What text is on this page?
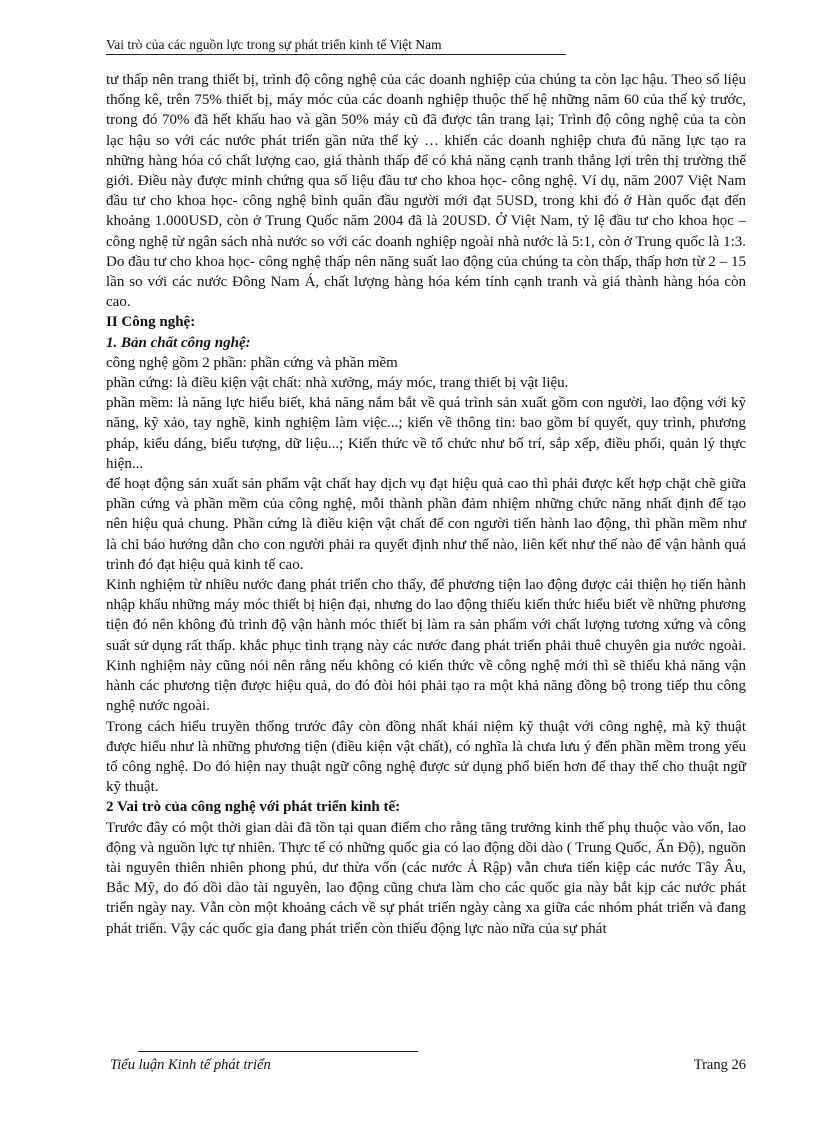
Vai trò của các nguồn lực trong sự phát triển kinh tế Việt Nam

tư thấp nên trang thiết bị, trình độ công nghệ của các doanh nghiệp của chúng ta còn lạc hậu. Theo số liệu thống kê, trên 75% thiết bị, máy móc của các doanh nghiệp thuộc thế hệ những năm 60 của thế kỷ trước, trong đó 70% đã hết khấu hao và gần 50% máy cũ đã được tân trang lại; Trình độ công nghệ của ta còn lạc hậu so với các nước phát triển gần nửa thế kỷ … khiến các doanh nghiệp chưa đủ năng lực tạo ra những hàng hóa có chất lượng cao, giá thành thấp để có khả năng cạnh tranh thắng lợi trên thị trường thế giới. Điều này được minh chứng qua số liệu đầu tư cho khoa học- công nghệ. Ví dụ, năm 2007 Việt Nam đầu tư cho khoa học- công nghệ bình quân đầu người mới đạt 5USD, trong khi đó ở Hàn quốc đạt đến khoảng 1.000USD, còn ở Trung Quốc năm 2004 đã là 20USD. Ở Việt Nam, tỷ lệ đầu tư cho khoa học – công nghệ từ ngân sách nhà nước so với các doanh nghiệp ngoài nhà nước là 5:1, còn ở Trung quốc là 1:3. Do đầu tư cho khoa học- công nghệ thấp nên năng suất lao động của chúng ta còn thấp, thấp hơn từ 2 – 15 lần so với các nước Đông Nam Á, chất lượng hàng hóa kém tính cạnh tranh và giá thành hàng hóa còn cao.

II Công nghệ:
1. Bản chất công nghệ:

công nghệ gồm 2 phần: phần cứng và phần mềm

phần cứng: là điều kiện vật chất: nhà xưởng, máy móc, trang thiết bị vật liệu.

phần mềm: là năng lực hiểu biết, khả năng nắm bắt về quá trình sản xuất gồm con người, lao động với kỹ năng, kỹ xảo, tay nghề, kinh nghiệm làm việc...; kiến về thông tin: bao gồm bí quyết, quy trình, phương pháp, kiểu dáng, biểu tượng, dữ liệu...; Kiến thức về tổ chức như bố trí, sắp xếp, điều phối, quản lý thực hiện...

để hoạt động sản xuất sản phẩm vật chất hay dịch vụ đạt hiệu quả cao thì phải được kết hợp chặt chẽ giữa phần cứng và phần mềm của công nghệ, mỗi thành phần đảm nhiệm những chức năng nhất định để tạo nên hiệu quả chung. Phần cứng là điều kiện vật chất để con người tiến hành lao động, thì phần mềm như là chỉ báo hướng dẫn cho con người phải ra quyết định như thế nào, liên kết như thế nào để vận hành quá trình đó đạt hiệu quả kinh tế cao.

Kinh nghiệm từ nhiều nước đang phát triển cho thấy, để phương tiện lao động được cải thiện họ tiến hành nhập khẩu những máy móc thiết bị hiện đại, nhưng do lao động thiếu kiến thức hiểu biết về những phương tiện đó nên không đủ trình độ vận hành móc thiết bị làm ra sản phẩm với chất lượng tương xứng và công suất sử dụng rất thấp. khắc phục tình trạng này các nước đang phát triển phải thuê chuyên gia nước ngoài. Kinh nghiệm này cũng nói nên rằng nếu không có kiến thức về công nghệ mới thì sẽ thiếu khả năng vận hành các phương tiện được hiệu quả, do đó đòi hỏi phải tạo ra một khả năng đồng bộ trong tiếp thu công nghệ nước ngoài.

Trong cách hiểu truyền thống trước đây còn đồng nhất khái niệm kỹ thuật với công nghệ, mà kỹ thuật được hiểu như là những phương tiện (điều kiện vật chất), có nghĩa là chưa lưu ý đến phần mềm trong yếu tố công nghệ. Do đó hiện nay thuật ngữ công nghệ được sử dụng phổ biến hơn để thay thế cho thuật ngữ kỹ thuật.

2 Vai trò của công nghệ với phát triển kinh tế:

Trước đây có một thời gian dài đã tồn tại quan điểm cho rằng tăng trưởng kinh thế phụ thuộc vào vốn, lao động và nguồn lực tự nhiên. Thực tế có những quốc gia có lao động dồi dào ( Trung Quốc, Ấn Độ), nguồn tài nguyên thiên nhiên phong phú, dư thừa vốn (các nước Ả Rập) vẫn chưa tiến kiệp các nước Tây Âu, Bắc Mỹ, do đó dồi dào tài nguyên, lao động cũng chưa làm cho các quốc gia này bắt kịp các nước phát triển ngày nay. Vẫn còn một khoảng cách về sự phát triển ngày càng xa giữa các nhóm phát triển và đang phát triển. Vậy các quốc gia đang phát triển còn thiếu động lực nào nữa của sự phát

Tiểu luận Kinh tế phát triển	Trang 26
